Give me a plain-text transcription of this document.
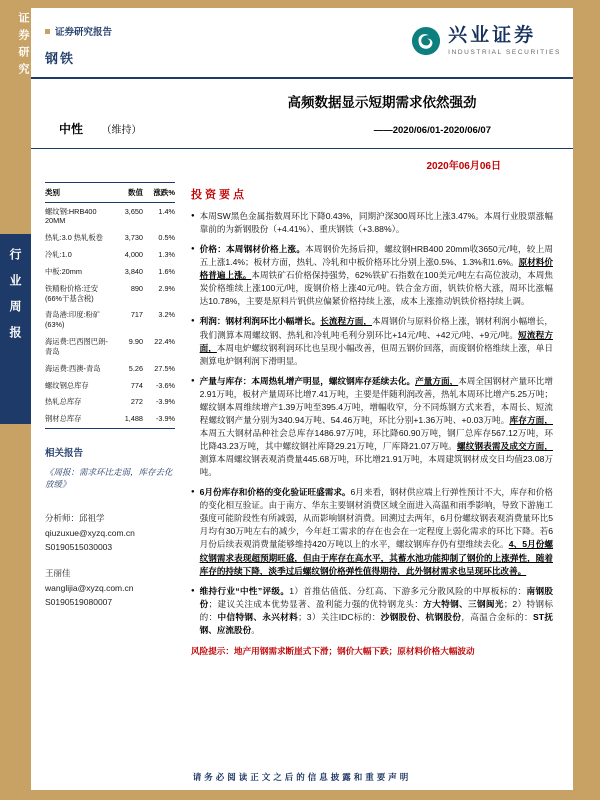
证券研究
行业周报
证券研究报告
钢铁
兴业证券
INDUSTRIAL SECURITIES
高频数据显示短期需求依然强劲
中性 （维持）	——2020/06/01-2020/06/07
2020年06月06日
类别	数值	涨跌%
螺纹钢:HRB400 20MM
3,650	1.4%
热轧:3.0 热轧板卷	3,730	0.5%
冷轧:1.0	4,000	1.3%
中板:20mm	3,840	1.6%
铁精粉价格:迁安(66%干基含税)
890	2.9%
青岛港:印度:粉矿(63%)
717	3.2%
海运费:巴西图巴朗-青岛
9.90	22.4%
海运费:西澳-青岛	5.26	27.5%
螺纹钢总库存	774	-3.6%
热轧总库存	272	-3.9%
钢材总库存	1,488	-3.9%
相关报告
《周报：需求环比走弱，库存去化放缓》
分析师：邱祖学
qiuzuxue@xyzq.com.cn
S0190515030003
王丽佳
wanglijia@xyzq.com.cn
S0190519080007
投资要点
● 本周SW黑色金属指数周环比下降0.43%，同期沪深300周环比上涨3.47%。本周行业股票涨幅靠前的为新钢股份（+4.41%）、重庆钢铁（+3.88%）。
● 价格：本周钢材价格上涨。本周钢价先扬后抑，螺纹钢HRB400 20mm收3650元/吨，较上周五上涨1.4%；板材方面，热轧、冷轧和中板价格环比分别上涨0.5%、1.3%和1.6%。原材料价格普遍上涨。本周铁矿石价格保持强势，62%铁矿石指数在100美元/吨左右高位波动，本周焦炭价格维续上涨100元/吨，废钢价格上涨40元/吨。铁合金方面，钒铁价格大涨，周环比涨幅达10.78%，主要是原料片钒供应偏紧价格持续上涨，成本上涨推动钒铁价格持续上调。
● 利润：钢材利润环比小幅增长。长流程方面，本周钢价与原料价格上涨，钢材利润小幅增长，我们测算本周螺纹钢、热轧和冷轧吨毛利分别环比+14元/吨、+42元/吨、+9元/吨。短流程方面，本周电炉螺纹钢利润环比也呈现小幅改善，但周五钢价回落，而废钢价格维续上涨，单日测算电炉钢利润下滑明显。
● 产量与库存：本周热轧增产明显，螺纹钢库存延续去化。产量方面，本周全国钢材产量环比增2.91万吨，板材产量周环比增7.41万吨，主要是伴随利润改善，热轧本周环比增产5.25万吨；螺纹钢本周维续增产1.39万吨至395.4万吨，增幅收窄，分不同炼钢方式来看，本周长、短流程螺纹钢产量分别为340.94万吨、54.46万吨，环比分别+1.36万吨、+0.03万吨。库存方面，本周五大钢材品种社会总库存1486.97万吨，环比降60.90万吨，钢厂总库存567.12万吨，环比降43.23万吨，其中螺纹钢社库降29.21万吨，厂库降21.07万吨。螺纹钢表需及成交方面，测算本周螺纹钢表观消费量445.68万吨，环比增21.91万吨，本周建筑钢材成交日均值23.08万吨。
● 6月份库存和价格的变化验证旺盛需求。6月来看，钢材供应端上行弹性预计不大，库存和价格的变化相互验证。由于南方、华东主要钢材消费区域全面进入高温和雨季影响，导致下游施工强度可能阶段性有所减弱，从而影响钢材消费。回溯过去两年，6月份螺纹钢表观消费量环比5月均有30万吨左右的减少，今年赶工需求的存在也会在一定程度上弱化需求的环比下降。若6月份后续表观消费量能够维持420万吨以上的水平，螺纹钢库存仍有望维续去化。4、5月份螺纹钢需求表现超预期旺盛，但由于库存在高水平，其蓄水池功能抑制了钢价的上涨弹性，随着库存的持续下降，淡季过后螺纹钢价格弹性值得期待，此外钢材需求也呈现环比改善。
● 维持行业“中性”评级。1）首推估值低、分红高、下游多元分散风险的中厚板标的：南钢股份；建议关注成本优势显著、盈利能力强的优特钢龙头：方大特钢、三钢闽光；2）特钢标的：中信特钢、永兴材料；3）关注IDC标的：沙钢股份、杭钢股份，高温合金标的：ST抚钢、应流股份。
风险提示：地产用钢需求断崖式下滑；钢价大幅下跌；原材料价格大幅波动
请务必阅读正文之后的信息披露和重要声明
